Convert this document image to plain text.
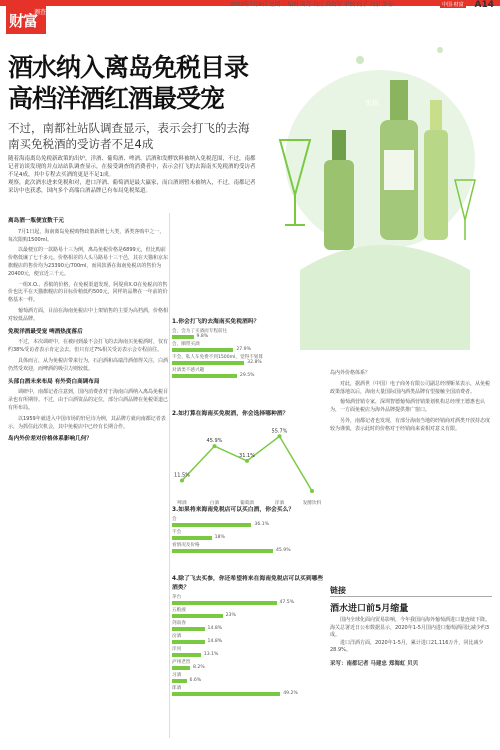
财富
调查
2020年7月8日 星期三 编辑 周肖 设计 曲海军 审校 何子 刘京 朱春	中国·财富 A14
免税
酒水纳入离岛免税目录
高档洋酒红酒最受宠
不过，南都社站队调查显示，表示会打飞的去海南买免税酒的受访者不足4成
随着海南离岛免税新政策的出炉，洋酒、葡萄酒、啤酒、活酒和发酵饮料被纳入免税范围，不过，南都记者访谈发现的并点站站队调查显示，在接受调查的消费者中，表示会打飞的去海南买免税酒的受访者不足4成，其中专程去买酒的更是不足1成。
观察，此次酒水进来免税和对，进口洋酒、葡萄酒是最大赢家，而白酒则暂未被纳入，不过，南都记者采访中也获悉，国内多个高端白酒品牌已有布局免税渠道。
离岛酒一瓶便宜数千元

7月1日起，海南离岛免税购物政策新增七大类，酒类客购中之一，每次限购1500ml。

以最便宜的一款路易十三为例，离岛免税价格是6899元，但比购前价格低廉了七千多元。价格相差的人头马路易十三干邑，其在天猫和京东旗舰店的售价均为23390元/700ml，而同款酒在海南免税店的售价为20400元，便宜近三千元。

一组X.O.、香槟的价格，在免税渠道发现，阿堤荷X.O在免税店的售价也比平在天猫旗舰店的目标价稍低约500元，同样的品牌在一年前的价格基本一样。

葡萄酒方面，目前在海南免税店中上架销售的主要为高档酒，价格相对较低品牌。

免税洋酒最受宠 啤酒热度落后

不过，本次调研中，在被问到最不会打飞的去海南买免税酒时，仅有约38%受访者表示肯定会去，但只有过7%相关受访表示会专程前往。

具体而言，从为免税店带来行为，石启酒和高端洋酒值得关注，白酒仍然受欢迎，而啤酒的吸引力则较低。

头部白酒未来布局 有外资白高调布局

调研中，南都记者注意到，国内消费者对于海南白酒纳入离岛免税目录也有所期待。不过，由于白酒资品的定位，部分白酒品牌在免税渠道已有所布局。

以1959年就进入中国市场的轩尼诗为例，其品牌方就向南都记者表示，为抓住此次机会，其中免税店中已经有长期合作。

岛内外价差对价格体系影响几何？
1.你会打飞的去海南买免税酒吗？
会，会为了买酒而专程前往
9.8%
会，顺带买酒
27.9%
不会，私人车免费不到1500ml，觉得不划算
32.8%
对酒类不感兴趣
29.5%
2.如打算在海南买免税酒，你会选择哪种酒？
11.5%
啤酒
45.9%
白酒
31.1%
葡萄酒
55.7%
洋酒	发酵饮料
3.如果将来海南免税店可以买白酒，你会买么？
会
36.1%
不会
18%
看情况及价格
45.9%
4.除了飞去买参，你还希望将来在海南免税店可以买到哪些酒类？
茅台
47.5%
五粮液
23%
剑南春
14.8%
汾酒
14.8%
洋河
13.1%
泸州老窖
8.2%
习酒
6.6%
郎酒
49.2%

岛内外价格体系？

对此，据酒世（中国）电子商务有限公司副总经理靳某表示，从免税政策落地以后，海南大量国际国内酒类品牌有望接触全国消费者。

葡萄酒营销专家，深圳智德葡萄酒营销策划机构总经理王德惠也认为，一方面免税店为海外品牌提供推广窗口。

另外，南都记者也发现，有部分海南当地的经销商对酒类开放持态度较为谨慎，表示此时的价格对于经销商来说相对意义有限。

链接
酒水进口前5月缩量

国内全球化面向贸易影响，今年我国向海外葡萄酒进口量连续下降。海关总署近日公布数据显示，2020年1-5月国内进口葡萄酒同比减少约3成。

进口洋酒方面，2020年1-5月，累计进口21,116万升，同比减少28.9%。

采写：南都记者 马建忠 郑海虹 贝贝
